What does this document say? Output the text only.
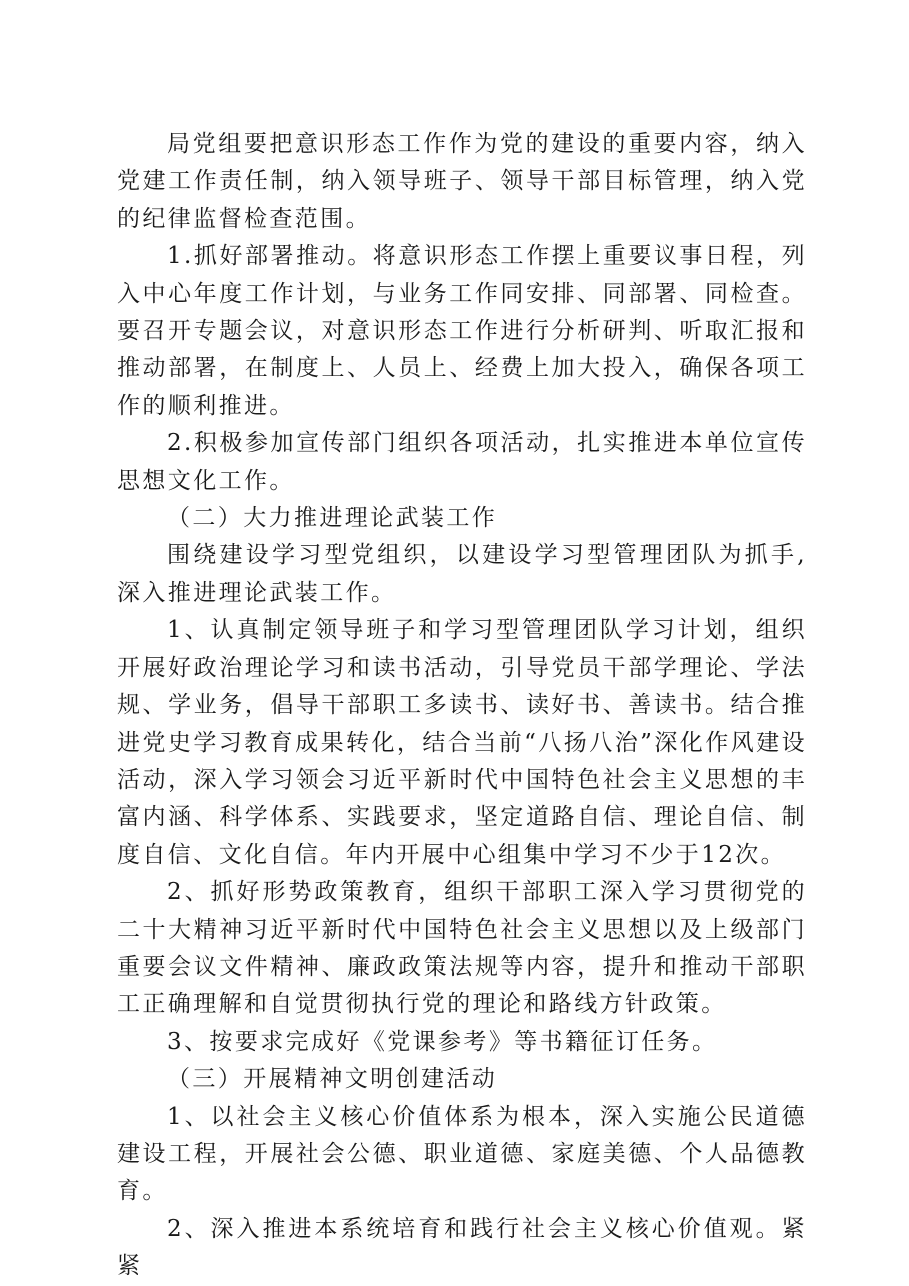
局党组要把意识形态工作作为党的建设的重要内容，纳入党建工作责任制，纳入领导班子、领导干部目标管理，纳入党的纪律监督检查范围。

1.抓好部署推动。将意识形态工作摆上重要议事日程，列入中心年度工作计划，与业务工作同安排、同部署、同检查。要召开专题会议，对意识形态工作进行分析研判、听取汇报和推动部署，在制度上、人员上、经费上加大投入，确保各项工作的顺利推进。

2.积极参加宣传部门组织各项活动，扎实推进本单位宣传思想文化工作。

（二）大力推进理论武装工作

围绕建设学习型党组织，以建设学习型管理团队为抓手,深入推进理论武装工作。

1、认真制定领导班子和学习型管理团队学习计划，组织开展好政治理论学习和读书活动，引导党员干部学理论、学法规、学业务，倡导干部职工多读书、读好书、善读书。结合推进党史学习教育成果转化，结合当前“八扬八治”深化作风建设活动，深入学习领会习近平新时代中国特色社会主义思想的丰富内涵、科学体系、实践要求，坚定道路自信、理论自信、制度自信、文化自信。年内开展中心组集中学习不少于12次。

2、抓好形势政策教育，组织干部职工深入学习贯彻党的二十大精神习近平新时代中国特色社会主义思想以及上级部门重要会议文件精神、廉政政策法规等内容，提升和推动干部职工正确理解和自觉贯彻执行党的理论和路线方针政策。

3、按要求完成好《党课参考》等书籍征订任务。

（三）开展精神文明创建活动

1、以社会主义核心价值体系为根本，深入实施公民道德建设工程，开展社会公德、职业道德、家庭美德、个人品德教育。

2、深入推进本系统培育和践行社会主义核心价值观。紧紧
